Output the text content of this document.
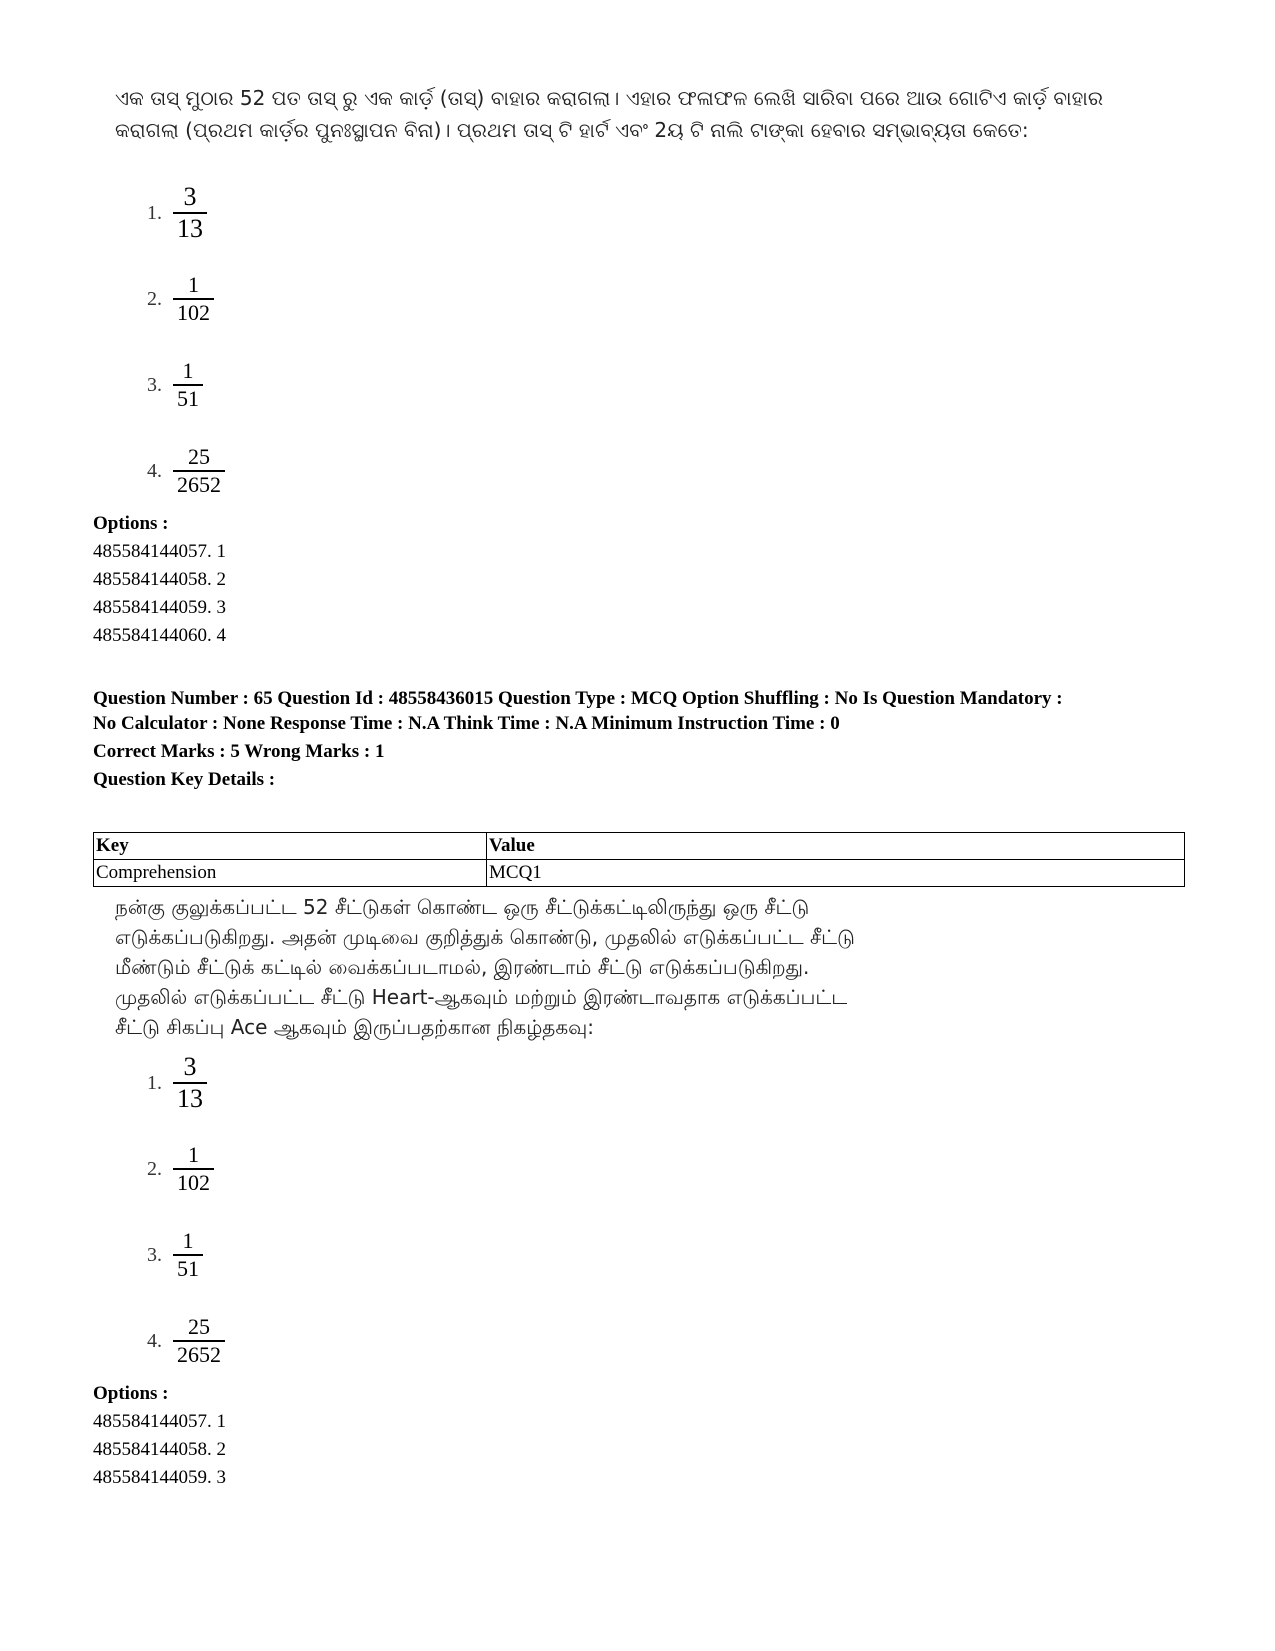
ଏକ ତାସ୍ ମୁଠାର 52 ପତ ତାସ୍ ରୁ ଏକ କାର୍ଡ଼ (ତାସ୍) ବାହାର କରାଗଲା। ଏହାର ଫଳାଫଳ ଲେଖି ସାରିବା ପରେ ଆଉ ଗୋଟିଏ କାର୍ଡ଼ ବାହାର

କରାଗଲା (ପ୍ରଥମ କାର୍ଡ଼ର ପୁନଃସ୍ଥାପନ ବିନା)। ପ୍ରଥମ ତାସ୍ ଟି ହାର୍ଟ ଏବଂ 2ୟ ଟି ନାଲି ଟାଙ୍କା ହେବାର ସମ୍ଭାବ୍ୟତା କେତେ:

1. $\frac{3}{13}$
2. $\frac{1}{102}$
3. $\frac{1}{51}$
4. $\frac{25}{2652}$
Options :
485584144057. 1
485584144058. 2
485584144059. 3
485584144060. 4
Question Number : 65 Question Id : 48558436015 Question Type : MCQ Option Shuffling : No Is Question Mandatory :
No Calculator : None Response Time : N.A Think Time : N.A Minimum Instruction Time : 0
Correct Marks : 5 Wrong Marks : 1
Question Key Details :
Key	Value
Comprehension	MCQ1

நன்கு குலுக்கப்பட்ட 52 சீட்டுகள் கொண்ட ஒரு சீட்டுக்கட்டிலிருந்து ஒரு சீட்டு

எடுக்கப்படுகிறது. அதன் முடிவை குறித்துக் கொண்டு, முதலில் எடுக்கப்பட்ட சீட்டு

மீண்டும் சீட்டுக் கட்டில் வைக்கப்படாமல், இரண்டாம் சீட்டு எடுக்கப்படுகிறது.

முதலில் எடுக்கப்பட்ட சீட்டு Heart-ஆகவும் மற்றும் இரண்டாவதாக எடுக்கப்பட்ட

சீட்டு சிகப்பு Ace ஆகவும் இருப்பதற்கான நிகழ்தகவு:

1. $\frac{3}{13}$
2. $\frac{1}{102}$
3. $\frac{1}{51}$
4. $\frac{25}{2652}$
Options :
485584144057. 1
485584144058. 2
485584144059. 3
